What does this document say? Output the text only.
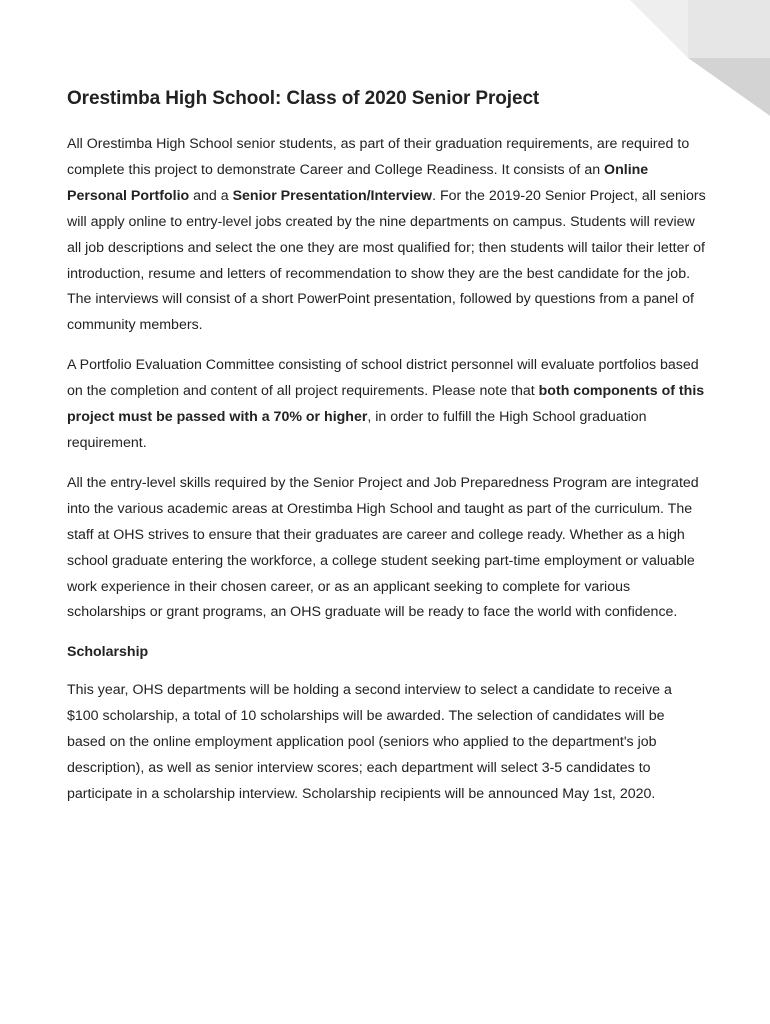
Orestimba High School: Class of 2020 Senior Project

All Orestimba High School senior students, as part of their graduation requirements, are required to complete this project to demonstrate Career and College Readiness. It consists of an Online Personal Portfolio and a Senior Presentation/Interview. For the 2019-20 Senior Project, all seniors will apply online to entry-level jobs created by the nine departments on campus. Students will review all job descriptions and select the one they are most qualified for; then students will tailor their letter of introduction, resume and letters of recommendation to show they are the best candidate for the job. The interviews will consist of a short PowerPoint presentation, followed by questions from a panel of community members.

A Portfolio Evaluation Committee consisting of school district personnel will evaluate portfolios based on the completion and content of all project requirements. Please note that both components of this project must be passed with a 70% or higher, in order to fulfill the High School graduation requirement.

All the entry-level skills required by the Senior Project and Job Preparedness Program are integrated into the various academic areas at Orestimba High School and taught as part of the curriculum. The staff at OHS strives to ensure that their graduates are career and college ready. Whether as a high school graduate entering the workforce, a college student seeking part-time employment or valuable work experience in their chosen career, or as an applicant seeking to complete for various scholarships or grant programs, an OHS graduate will be ready to face the world with confidence.

Scholarship

This year, OHS departments will be holding a second interview to select a candidate to receive a $100 scholarship, a total of 10 scholarships will be awarded. The selection of candidates will be based on the online employment application pool (seniors who applied to the department's job description), as well as senior interview scores; each department will select 3-5 candidates to participate in a scholarship interview. Scholarship recipients will be announced May 1st, 2020.
